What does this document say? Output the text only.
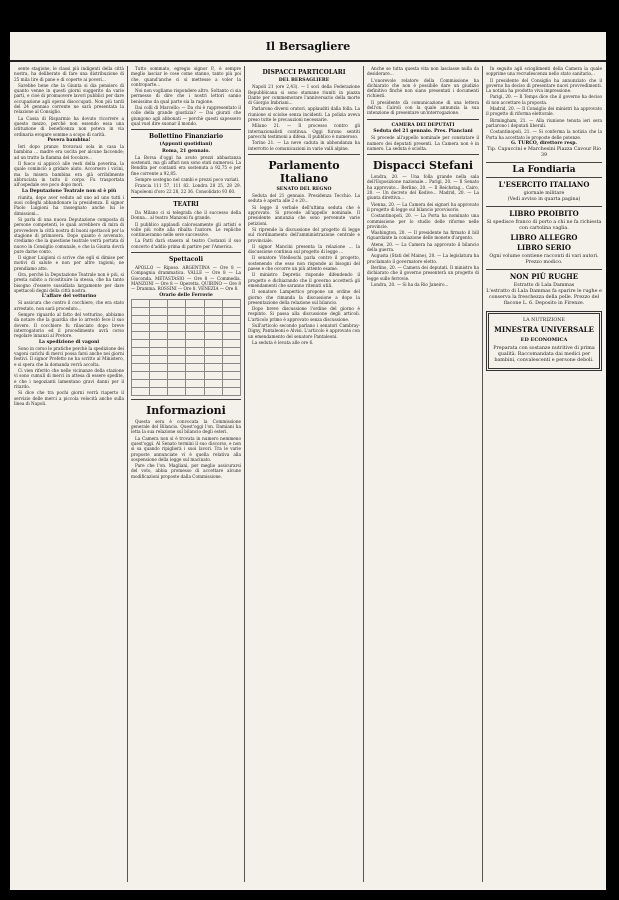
Il Bersagliere

sente stagione, le classi più indigenti della città nostra, ha deliberato di fare una distribuzione di 25 mila lire di pane e di coperte ai poveri...

Sarebbe bene che la Giunta si dia pensiero di quanto venne in questi giorni suggerito da varie parti, e cioè di promuovere lavori pubblici per dare occupazione agli operai disoccupati. Non più tardi del 24 gennaio corrente ne sarà presentata la relazione al Consiglio.

La Cassa di Risparmio ha dovuto ricorrere a questo mezzo, perchè non essendo essa una istituzione di beneficenza non poteva in via ordinaria erogare somme a scopo di carità.

Povera bambina!

Ieri dopo pranzo trovavasi sola in casa la bambina ... madre era uscita per alcune faccende; ad un tratto la fiamma del focolare...

Il fuoco si appiccò alle vesti della poverina, la quale cominciò a gridare aiuto. Accorsero i vicini, ma la misera bambina era già orribilmente abbruciata in tutto il corpo. Fu trasportata all'ospedale ove poco dopo morì.

La Deputazione Teatrale non si è più

riunita, dopo aver veduto ad uno ad uno tutti i suoi colleghi abbandonare la presidenza. Il signor Paolo Luigioni ha rassegnato anche lui le dimissioni...

Si parla di una nuova Deputazione composta di persone competenti, le quali avrebbero di mira di provvedere la città nostra di buoni spettacoli per la stagione di primavera. Dopo quanto è avvenuto, crediamo che la questione teatrale verrà portata di nuovo in Consiglio comunale, e che la Giunta dovrà pure darne conto.

Il signor Luigioni ci scrive che egli si dimise per motivi di salute e non per altre ragioni; ne prendiamo atto.

Ora, perchè la Deputazione Teatrale non è più, si presta subito a ricostituire la stessa, che ha tanto bisogno d'essere sussidiata largamente per dare spettacoli degni della città nostra.

L'affare del vetturino

Si assicura che contro il cocchiere, che era stato arrestato, non sarà proceduto...

Sempre riguardo al fatto del vetturino, abbiamo da notare che la guardia che lo arrestò fece il suo dovere. Il cocchiere fu rilasciato dopo breve interrogatorio ed il procedimento avrà corso regolare innanzi al Pretore.

La spedizione di vagoni

Sono in corso le pratiche perchè la spedizione dei vagoni carichi di merci possa farsi anche nei giorni festivi. Il signor Prefetto ne ha scritto al Ministero, e si spera che la domanda verrà accolta.

Ci vien riferito che nelle vicinanze della stazione vi sono cumuli di merci in attesa di essere spedite, e che i negozianti lamentano gravi danni per il ritardo.

Si dice che tra pochi giorni verrà riaperto il servizio delle merci a piccola velocità anche sulla linea di Napoli.

Tutto sommato, egregio signor P., è sempre meglio lasciar le cose come stanno, tanto più poi che, quand'anche ci si mettesse a voler la controparte...

Noi non vogliamo rispondere altro. Soltanto ci sia permesso di dire che i nostri lettori sanno benissimo da qual parte sia la ragione.

Dai colli di Marcello: — Da chi è rappresentato il colle della grande giustizia? — Dai giurati che giungono agli abbonati — perchè questi sapessero qual vuol dire suonar il mondo.

Bollettino Finanziario
(Appunti quotidiani)
Roma, 21 gennaio.

La Borsa d'oggi ha avuto prezzi abbastanza sostenuti, ma gli affari non sono stati numerosi. La Rendita per contanti era sostenuta a 92,75 e per fine corrente a 92,85.

Sempre sostegno nel cambi e prezzi poco variati.

Francia 111 57, 111 82. Londra 28 25, 28 29. Napoleoni d'oro 22 28, 22 36. Consolidato 93 60.

TEATRI

Da Milano ci si telegrafa che il successo della Donna... al teatro Manzoni fu grande.

Il pubblico applaudì calorosamente gli artisti e volle più volte alla ribalta l'autore. Le repliche continueranno nelle sere successive.

La Patti darà stasera al teatro Costanzi il suo concerto d'addio prima di partire per l'America.

Spettacoli

APOLLO — Riposo. ARGENTINA — Ore 8 — Compagnia drammatica. VALLE — Ore 8 — La Gioconda. METASTASIO — Ore 8 — Commedia. MANZONI — Ore 8 — Operetta. QUIRINO — Ore 8 — Dramma. ROSSINI — Ore 8. VENEZIA — Ore 8.

Orario delle Ferrovie

Informazioni

Questa sera è convocata la Commissione generale del Bilancio. Quest'oggi l'on. Damiani ha letta la sua relazione sul bilancio degli esteri.

La Camera non si è trovata in numero nemmeno quest'oggi. Al Senato termini il suo discorso, e non si sa quando ripiglierà i suoi lavori. Tra le varie proposte annunciate vi è quella relativa alla sospensione della legge sul macinato.

Pare che l'on. Magliani, per meglio assicurarsi del voto, abbia promesso di accettare alcune modificazioni proposte dalla Commissione.

DISPACCI PARTICOLARI
DEL BERSAGLIERE

Napoli 21 (ore 2,43). — I soci della Federazione Repubblicana si sono stamane riuniti in piazza Dante per commemorare l'anniversario della morte di Giorgio Imbriani...

Parlarono diversi oratori, applauditi dalla folla. La riunione si sciolse senza incidenti. La polizia aveva preso tutte le precauzioni necessarie.

Milano 21. — Il processo contro gli internazionalisti continua. Oggi furono sentiti parecchi testimoni a difesa. Il pubblico è numeroso.

Torino 21. — La neve caduta in abbondanza ha interrotto le comunicazioni in varie valli alpine.

Parlamento Italiano
SENATO DEL REGNO

Seduta del 21 gennaio. Presidenza Tecchio. La seduta è aperta alle 2 e 20...

Si legge il verbale dell'ultima seduta che è approvato. Si procede all'appello nominale. Il presidente annunzia che sono pervenute varie petizioni.

Si riprende la discussione del progetto di legge sul riordinamento dell'amministrazione centrale e provinciale.

Il signor Mancini presenta la relazione ... la discussione continua sul progetto di legge ...

Il senatore Vitelleschi parla contro il progetto, sostenendo che esso non risponde ai bisogni del paese e che occorre un più attento esame.

Il ministro Depretis risponde difendendo il progetto e dichiarando che il governo accetterà gli emendamenti che saranno ritenuti utili.

Il senatore Lampertico propone un ordine del giorno che rimanda la discussione a dopo la presentazione della relazione sul bilancio.

Dopo breve discussione l'ordine del giorno è respinto. Si passa alla discussione degli articoli. L'articolo primo è approvato senza discussione.

Sull'articolo secondo parlano i senatori Cambray-Digny, Pantaleoni e Alvisi. L'articolo è approvato con un emendamento del senatore Pantaleoni.

La seduta è levata alle ore 6.

Anche se tutta questa vita non lasciasse nulla da desiderare...

L'onorevole relatore della Commissione ha dichiarato che non è possibile dare un giudizio definitivo finchè non siano presentati i documenti richiesti.

Il presidente dà comunicazione di una lettera dell'on. Cairoli con la quale annunzia la sua intenzione di presentare un'interrogazione.

CAMERA DEI DEPUTATI
Seduta del 21 gennaio. Pres. Pianciani

Si procede all'appello nominale per constatare il numero dei deputati presenti. La Camera non è in numero. La seduta è sciolta.

Dispacci Stefani

Londra, 20. — Una folla grande nella sala dell'Esposizione nazionale... Parigi, 20. — Il Senato ha approvato... Berlino, 20. — Il Reichstag... Cairo, 20. — Un decreto del Kedive... Madrid, 20. — La giunta direttiva...

Vienna, 20. — La Camera dei signori ha approvato il progetto di legge sul bilancio provvisorio.

Costantinopoli, 20. — La Porta ha nominato una commissione per lo studio delle riforme nelle provincie.

Washington, 20. — Il presidente ha firmato il bill riguardante la coniazione delle monete d'argento.

Atene, 20. — La Camera ha approvato il bilancio della guerra.

Augusta (Stati del Maine), 20. — La legislatura ha proclamato il governatore eletto.

Berlino, 20. — Camera dei deputati. Il ministro ha dichiarato che il governo presenterà un progetto di legge sulle ferrovie.

Londra, 20. — Si ha da Rio Janeiro...

In seguito agli scioglimenti della Camera la quale sopprime una recrudescenza nello stato sanitario...

Il presidente del Consiglio ha annunziato che il governo ha deciso di presentare nuovi provvedimenti. La notizia ha prodotto viva impressione.

Parigi, 20. — Il Temps dice che il governo ha deciso di non accettare la proposta.

Madrid, 20. — Il Consiglio dei ministri ha approvato il progetto di riforma elettorale.

Birmingham, 21. — Alla riunione tenuta ieri sera parlarono i deputati liberali.

Costantinopoli, 21. — Si conferma la notizia che la Porta ha accettato le proposte delle potenze.

G. TURCO, direttore resp.
Tip. Capuccini e Marchesini Piazza Cavour Rio 39
La Fondiaria
L'ESERCITO ITALIANO
giornale militare
(Vedi avviso in quarta pagina)
LIBRO PROIBITO
Si spedisce franco di porto a chi ne fa richiesta con cartolina vaglia.
LIBRO ALLEGRO
LIBRO SERIO
Ogni volume contiene racconti di vari autori. Prezzo modico.
NON PIÙ RUGHE
Estratto di Lala Dammas
L'estratto di Lala Dammas fa sparire le rughe e conserva la freschezza della pelle. Prezzo del flacone L. 6. Deposito in Firenze.
LA NUTRIZIONE
MINESTRA UNIVERSALE
ED ECONOMICA
Preparata con sostanze nutritive di prima qualità. Raccomandata dai medici per bambini, convalescenti e persone deboli.
